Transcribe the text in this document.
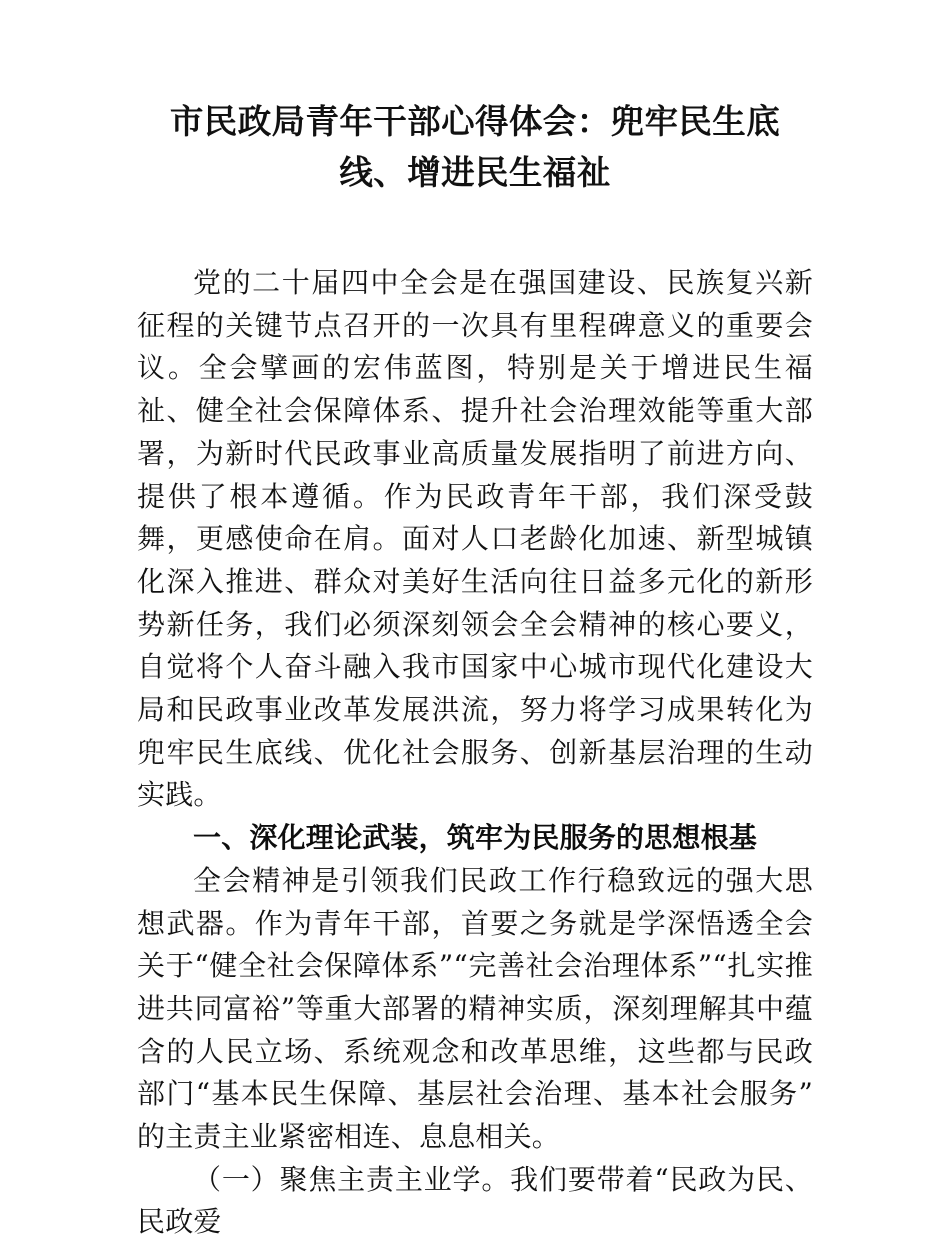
市民政局青年干部心得体会：兜牢民生底线、增进民生福祉

党的二十届四中全会是在强国建设、民族复兴新征程的关键节点召开的一次具有里程碑意义的重要会议。全会擘画的宏伟蓝图，特别是关于增进民生福祉、健全社会保障体系、提升社会治理效能等重大部署，为新时代民政事业高质量发展指明了前进方向、提供了根本遵循。作为民政青年干部，我们深受鼓舞，更感使命在肩。面对人口老龄化加速、新型城镇化深入推进、群众对美好生活向往日益多元化的新形势新任务，我们必须深刻领会全会精神的核心要义，自觉将个人奋斗融入我市国家中心城市现代化建设大局和民政事业改革发展洪流，努力将学习成果转化为兜牢民生底线、优化社会服务、创新基层治理的生动实践。

一、深化理论武装，筑牢为民服务的思想根基

全会精神是引领我们民政工作行稳致远的强大思想武器。作为青年干部，首要之务就是学深悟透全会关于“健全社会保障体系”“完善社会治理体系”“扎实推进共同富裕”等重大部署的精神实质，深刻理解其中蕴含的人民立场、系统观念和改革思维，这些都与民政部门“基本民生保障、基层社会治理、基本社会服务”的主责主业紧密相连、息息相关。

（一）聚焦主责主业学。我们要带着“民政为民、民政爱
